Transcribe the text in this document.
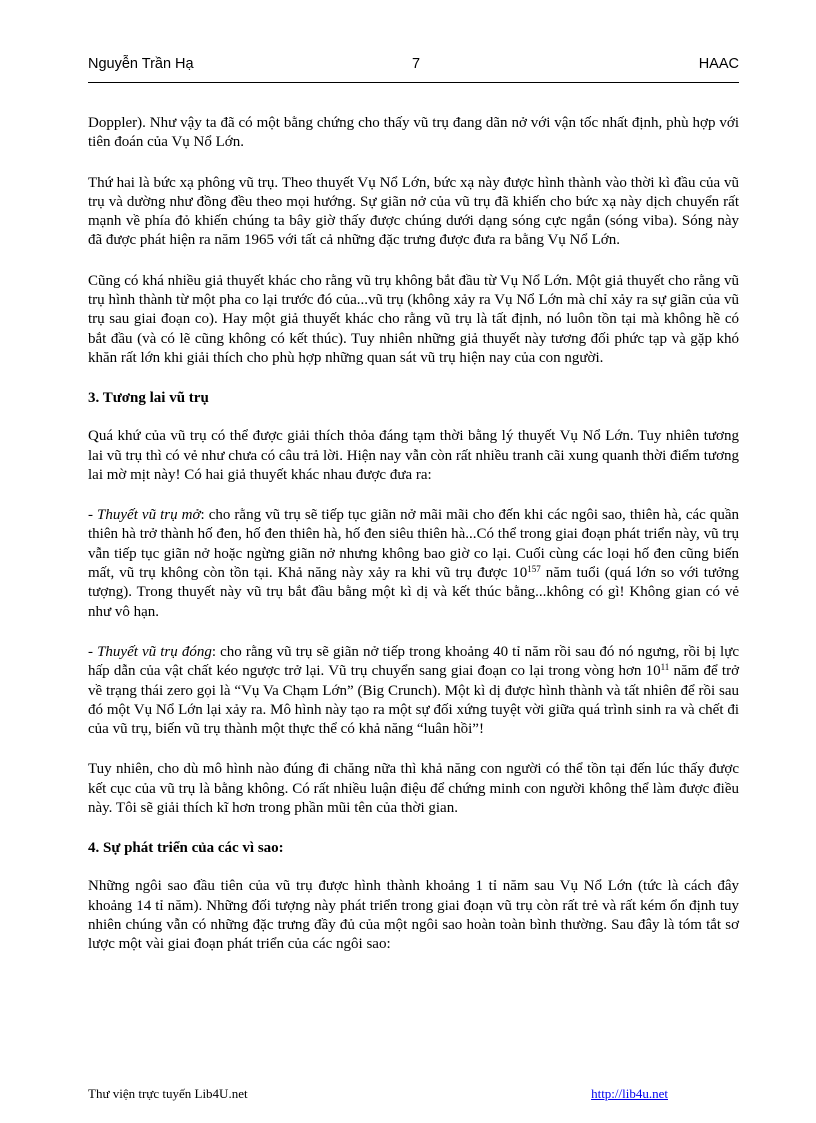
Nguyễn Trần Hạ	7	HAAC

Doppler). Như vậy ta đã có một bằng chứng cho thấy vũ trụ đang dãn nở với vận tốc nhất định, phù hợp với tiên đoán của Vụ Nổ Lớn.

Thứ hai là bức xạ phông vũ trụ. Theo thuyết Vụ Nổ Lớn, bức xạ này được hình thành vào thời kì đầu của vũ trụ và dường như đồng đều theo mọi hướng. Sự giãn nở của vũ trụ đã khiến cho bức xạ này dịch chuyển rất mạnh về phía đỏ khiến chúng ta bây giờ thấy được chúng dưới dạng sóng cực ngắn (sóng viba). Sóng này đã được phát hiện ra năm 1965 với tất cả những đặc trưng được đưa ra bằng Vụ Nổ Lớn.

Cũng có khá nhiều giả thuyết khác cho rằng vũ trụ không bắt đầu từ Vụ Nổ Lớn. Một giả thuyết cho rằng vũ trụ hình thành từ một pha co lại trước đó của...vũ trụ (không xảy ra Vụ Nổ Lớn mà chỉ xảy ra sự giãn của vũ trụ sau giai đoạn co). Hay một giả thuyết khác cho rằng vũ trụ là tất định, nó luôn tồn tại mà không hề có bắt đầu (và có lẽ cũng không có kết thúc). Tuy nhiên những giả thuyết này tương đối phức tạp và gặp khó khăn rất lớn khi giải thích cho phù hợp những quan sát vũ trụ hiện nay của con người.

3. Tương lai vũ trụ

Quá khứ của vũ trụ có thể được giải thích thỏa đáng tạm thời bằng lý thuyết Vụ Nổ Lớn. Tuy nhiên tương lai vũ trụ thì có vẻ như chưa có câu trả lời. Hiện nay vẫn còn rất nhiều tranh cãi xung quanh thời điểm tương lai mờ mịt này! Có hai giả thuyết khác nhau được đưa ra:

- Thuyết vũ trụ mở: cho rằng vũ trụ sẽ tiếp tục giãn nở mãi mãi cho đến khi các ngôi sao, thiên hà, các quần thiên hà trở thành hố đen, hố đen thiên hà, hố đen siêu thiên hà...Có thể trong giai đoạn phát triển này, vũ trụ vẫn tiếp tục giãn nở hoặc ngừng giãn nở nhưng không bao giờ co lại. Cuối cùng các loại hố đen cũng biến mất, vũ trụ không còn tồn tại. Khả năng này xảy ra khi vũ trụ được $10^{157}$ năm tuổi (quá lớn so với tưởng tượng). Trong thuyết này vũ trụ bắt đầu bằng một kì dị và kết thúc bằng...không có gì! Không gian có vẻ như vô hạn.

- Thuyết vũ trụ đóng: cho rằng vũ trụ sẽ giãn nở tiếp trong khoảng 40 tỉ năm rồi sau đó nó ngưng, rồi bị lực hấp dẫn của vật chất kéo ngược trở lại. Vũ trụ chuyển sang giai đoạn co lại trong vòng hơn $10^{11}$ năm để trở về trạng thái zero gọi là “Vụ Va Chạm Lớn” (Big Crunch). Một kì dị được hình thành và tất nhiên để rồi sau đó một Vụ Nổ Lớn lại xảy ra. Mô hình này tạo ra một sự đối xứng tuyệt vời giữa quá trình sinh ra và chết đi của vũ trụ, biến vũ trụ thành một thực thể có khả năng “luân hồi”!

Tuy nhiên, cho dù mô hình nào đúng đi chăng nữa thì khả năng con người có thể tồn tại đến lúc thấy được kết cục của vũ trụ là bằng không. Có rất nhiều luận điệu để chứng minh con người không thể làm được điều này. Tôi sẽ giải thích kĩ hơn trong phần mũi tên của thời gian.

4. Sự phát triển của các vì sao:

Những ngôi sao đầu tiên của vũ trụ được hình thành khoảng 1 tỉ năm sau Vụ Nổ Lớn (tức là cách đây khoảng 14 tỉ năm). Những đối tượng này phát triển trong giai đoạn vũ trụ còn rất trẻ và rất kém ổn định tuy nhiên chúng vẫn có những đặc trưng đầy đủ của một ngôi sao hoàn toàn bình thường. Sau đây là tóm tắt sơ lược một vài giai đoạn phát triển của các ngôi sao:

Thư viện trực tuyến Lib4U.net	http://lib4u.net
